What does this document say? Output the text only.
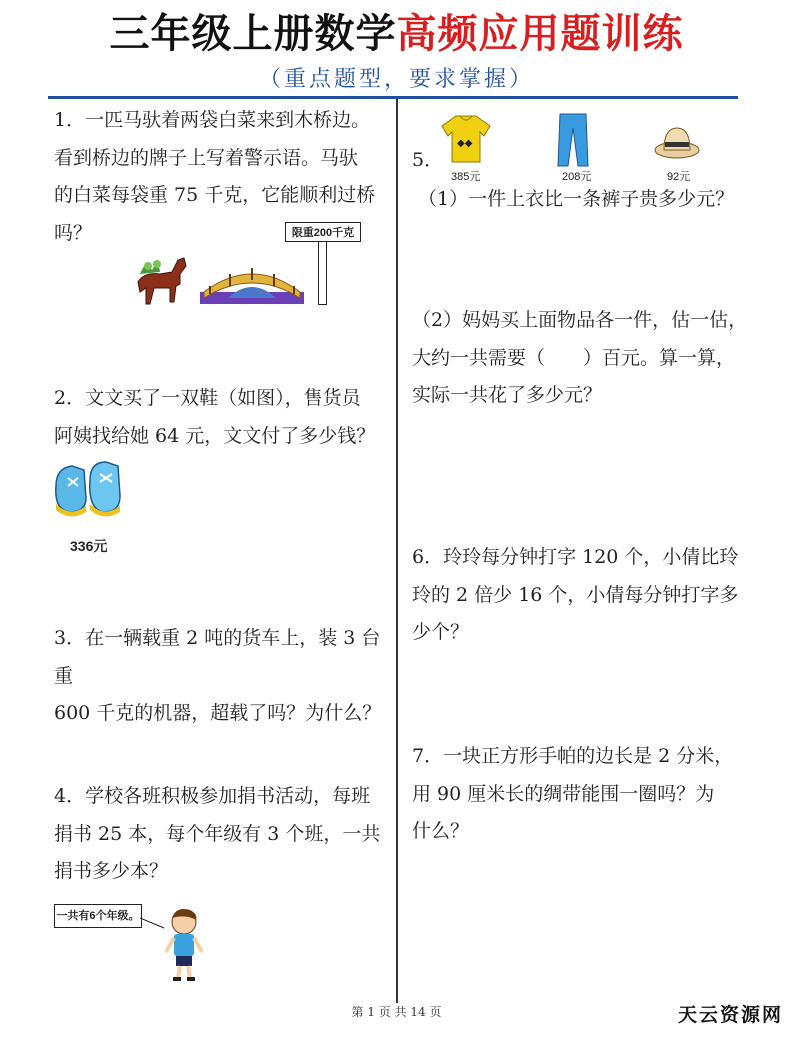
三年级上册数学高频应用题训练
（重点题型，要求掌握）
1．一匹马驮着两袋白菜来到木桥边。
看到桥边的牌子上写着警示语。马驮
的白菜每袋重 75 千克，它能顺利过桥
吗？	限重200千克
2．文文买了一双鞋（如图），售货员
阿姨找给她 64 元，文文付了多少钱？
336元
3．在一辆载重 2 吨的货车上，装 3 台重
600 千克的机器，超载了吗？为什么？
4．学校各班积极参加捐书活动，每班
捐书 25 本，每个年级有 3 个班，一共
捐书多少本？
一共有6个年级。
5．
◆◆
385元	208元	92元
（1）一件上衣比一条裤子贵多少元？
（2）妈妈买上面物品各一件，估一估，
大约一共需要（　　）百元。算一算，
实际一共花了多少元？
6．玲玲每分钟打字 120 个，小倩比玲
玲的 2 倍少 16 个，小倩每分钟打字多
少个？
7．一块正方形手帕的边长是 2 分米，
用 90 厘米长的绸带能围一圈吗？为
什么？
第 1 页 共 14 页	天云资源网
